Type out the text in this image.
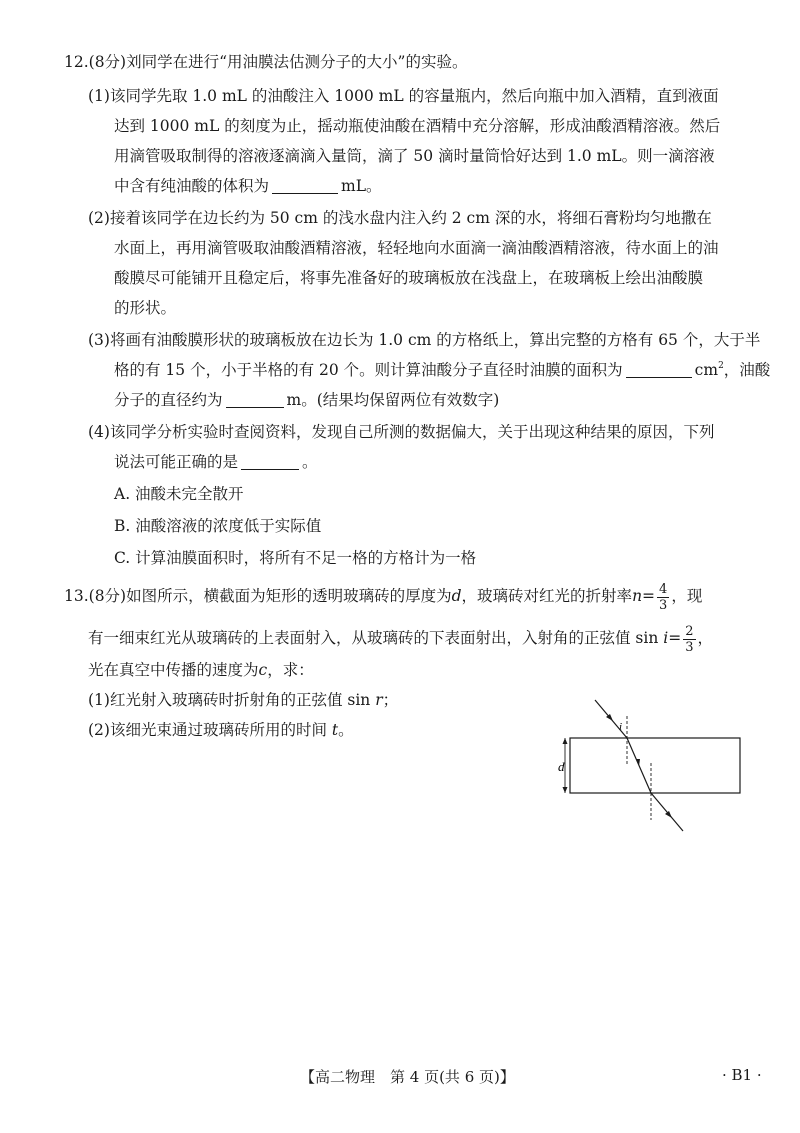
12.(8分)刘同学在进行“用油膜法估测分子的大小”的实验。
(1)该同学先取 1.0 mL 的油酸注入 1000 mL 的容量瓶内，然后向瓶中加入酒精，直到液面
达到 1000 mL 的刻度为止，摇动瓶使油酸在酒精中充分溶解，形成油酸酒精溶液。然后
用滴管吸取制得的溶液逐滴滴入量筒，滴了 50 滴时量筒恰好达到 1.0 mL。则一滴溶液
中含有纯油酸的体积为	mL。
(2)接着该同学在边长约为 50 cm 的浅水盘内注入约 2 cm 深的水，将细石膏粉均匀地撒在
水面上，再用滴管吸取油酸酒精溶液，轻轻地向水面滴一滴油酸酒精溶液，待水面上的油
酸膜尽可能铺开且稳定后，将事先准备好的玻璃板放在浅盘上，在玻璃板上绘出油酸膜
的形状。
(3)将画有油酸膜形状的玻璃板放在边长为 1.0 cm 的方格纸上，算出完整的方格有 65 个，大于半
格的有 15 个，小于半格的有 20 个。则计算油酸分子直径时油膜的面积为	$cm^2$，油酸
分子的直径约为	m。(结果均保留两位有效数字)
(4)该同学分析实验时查阅资料，发现自己所测的数据偏大，关于出现这种结果的原因，下列
说法可能正确的是	。
A. 油酸未完全散开
B. 油酸溶液的浓度低于实际值
C. 计算油膜面积时，将所有不足一格的方格计为一格
13.(8分)如图所示，横截面为矩形的透明玻璃砖的厚度为d，玻璃砖对红光的折射率$n= \frac{4}{3}$ ，现
有一细束红光从玻璃砖的上表面射入，从玻璃砖的下表面射出，入射角的正弦值 $\sin i= \frac{2}{3}$ ，
光在真空中传播的速度为c，求：
(1)红光射入玻璃砖时折射角的正弦值 sin r；
(2)该细光束通过玻璃砖所用的时间 t。
d
i
【高二物理　第 4 页(共 6 页)】	· B1 ·
